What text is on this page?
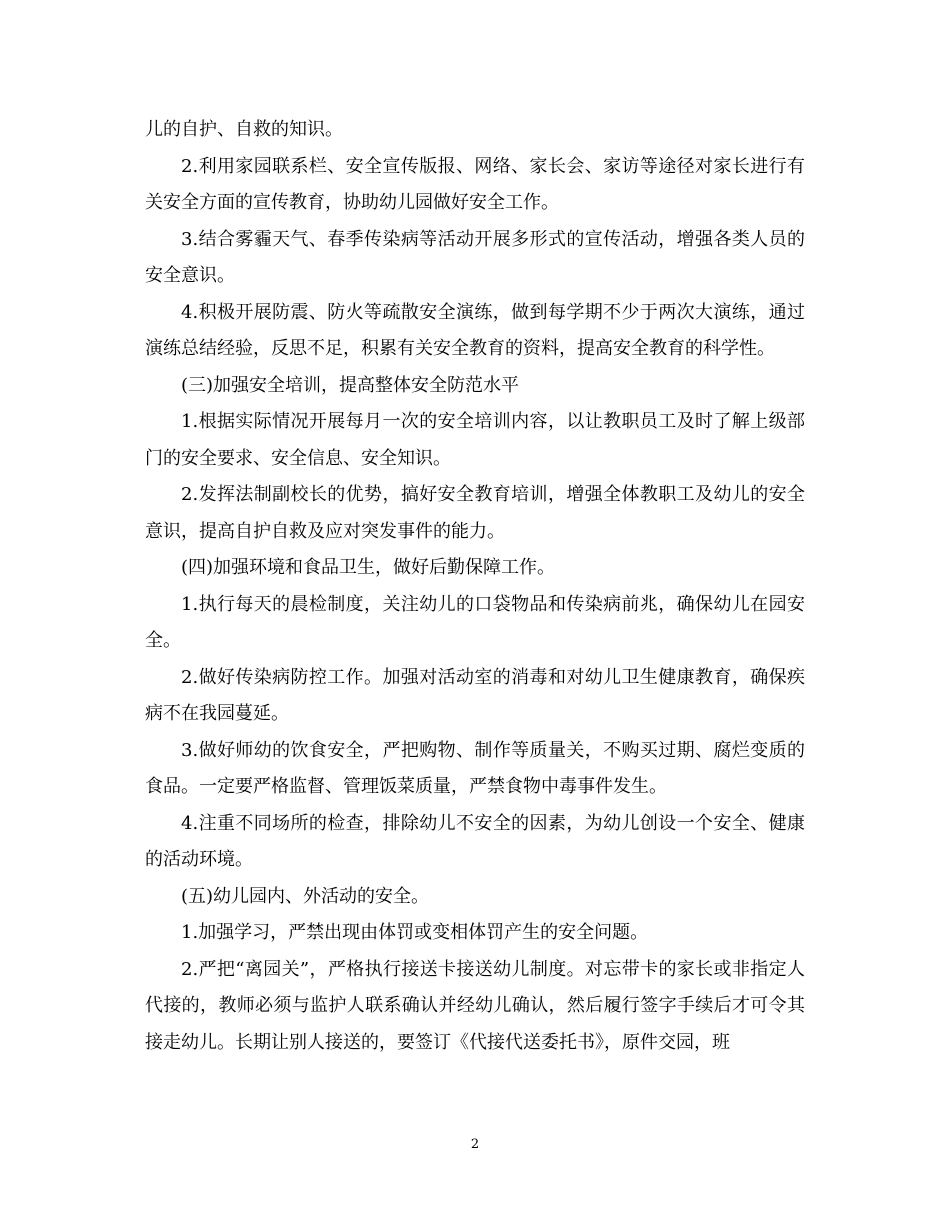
儿的自护、自救的知识。

2.利用家园联系栏、安全宣传版报、网络、家长会、家访等途径对家长进行有关安全方面的宣传教育，协助幼儿园做好安全工作。

3.结合雾霾天气、春季传染病等活动开展多形式的宣传活动，增强各类人员的安全意识。

4.积极开展防震、防火等疏散安全演练，做到每学期不少于两次大演练，通过演练总结经验，反思不足，积累有关安全教育的资料，提高安全教育的科学性。

(三)加强安全培训，提高整体安全防范水平

1.根据实际情况开展每月一次的安全培训内容，以让教职员工及时了解上级部门的安全要求、安全信息、安全知识。

2.发挥法制副校长的优势，搞好安全教育培训，增强全体教职工及幼儿的安全意识，提高自护自救及应对突发事件的能力。

(四)加强环境和食品卫生，做好后勤保障工作。

1.执行每天的晨检制度，关注幼儿的口袋物品和传染病前兆，确保幼儿在园安全。

2.做好传染病防控工作。加强对活动室的消毒和对幼儿卫生健康教育，确保疾病不在我园蔓延。

3.做好师幼的饮食安全，严把购物、制作等质量关，不购买过期、腐烂变质的食品。一定要严格监督、管理饭菜质量，严禁食物中毒事件发生。

4.注重不同场所的检查，排除幼儿不安全的因素，为幼儿创设一个安全、健康的活动环境。

(五)幼儿园内、外活动的安全。

1.加强学习，严禁出现由体罚或变相体罚产生的安全问题。

2.严把“离园关”，严格执行接送卡接送幼儿制度。对忘带卡的家长或非指定人代接的，教师必须与监护人联系确认并经幼儿确认，然后履行签字手续后才可令其接走幼儿。长期让别人接送的，要签订《代接代送委托书》，原件交园，班

2
